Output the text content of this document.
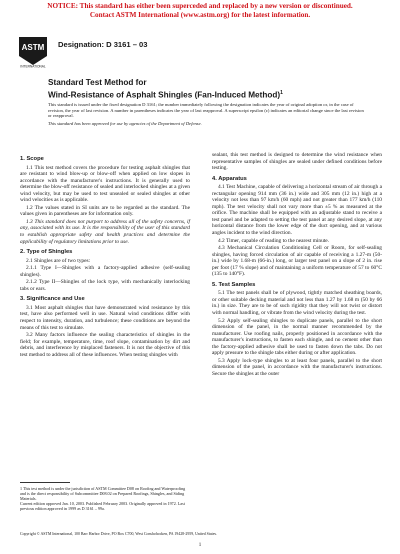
NOTICE: This standard has either been superceded and replaced by a new version or discontinued.
Contact ASTM International (www.astm.org) for the latest information.
ASTM
INTERNATIONAL
Designation: D 3161 – 03
Standard Test Method for
Wind-Resistance of Asphalt Shingles (Fan-Induced Method)$^1$

This standard is issued under the fixed designation D 3161; the number immediately following the designation indicates the year of original adoption or, in the case of revision, the year of last revision. A number in parentheses indicates the year of last reapproval. A superscript epsilon (ε) indicates an editorial change since the last revision or reapproval.

This standard has been approved for use by agencies of the Department of Defense.

1. Scope

1.1 This test method covers the procedure for testing asphalt shingles that are resistant to wind blow-up or blow-off when applied on low slopes in accordance with the manufacturer's instructions. It is generally used to determine the blow-off resistance of sealed and interlocked shingles at a given wind velocity, but may be used to test unsealed or sealed shingles at other wind velocities as is applicable.

1.2 The values stated in SI units are to be regarded as the standard. The values given in parentheses are for information only.

1.3 This standard does not purport to address all of the safety concerns, if any, associated with its use. It is the responsibility of the user of this standard to establish appropriate safety and health practices and determine the applicability of regulatory limitations prior to use.

2. Type of Shingles

2.1 Shingles are of two types:

2.1.1 Type I—Shingles with a factory-applied adhesive (self-sealing shingles).

2.1.2 Type II—Shingles of the lock type, with mechanically interlocking tabs or ears.

3. Significance and Use

3.1 Most asphalt shingles that have demonstrated wind resistance by this test, have also performed well in use. Natural wind conditions differ with respect to intensity, duration, and turbulence; these conditions are beyond the means of this test to simulate.

3.2 Many factors influence the sealing characteristics of shingles in the field; for example, temperature, time, roof slope, contamination by dirt and debris, and interference by misplaced fasteners. It is not the objective of this test method to address all of these influences. When testing shingles with

1 This test method is under the jurisdiction of ASTM Committee D08 on Roofing and Waterproofing and is the direct responsibility of Subcommittee D08.02 on Prepared Roofings, Shingles, and Siding Materials.
Current edition approved Jan. 10, 2003. Published February 2003. Originally approved in 1972. Last previous edition approved in 1999 as D 3161 – 99a.

sealant, this test method is designed to determine the wind resistance when representative samples of shingles are sealed under defined conditions before testing.

4. Apparatus

4.1 Test Machine, capable of delivering a horizontal stream of air through a rectangular opening 914 mm (36 in.) wide and 305 mm (12 in.) high at a velocity not less than 97 km/h (60 mph) and not greater than 177 km/h (110 mph). The test velocity shall not vary more than ±5 % as measured at the orifice. The machine shall be equipped with an adjustable stand to receive a test panel and be adapted to setting the test panel at any desired slope, at any horizontal distance from the lower edge of the duct opening, and at various angles incident to the wind direction.

4.2 Timer, capable of reading to the nearest minute.

4.3 Mechanical Circulation Conditioning Cell or Room, for self-sealing shingles, having forced circulation of air capable of receiving a 1.27-m (50-in.) wide by 1.68-m (66-in.) long, or larger test panel on a slope of 2 in. rise per foot (17 % slope) and of maintaining a uniform temperature of 57 to 60°C (135 to 140°F).

5. Test Samples

5.1 The test panels shall be of plywood, tightly matched sheathing boards, or other suitable decking material and not less than 1.27 by 1.68 m (50 by 66 in.) in size. They are to be of such rigidity that they will not twist or distort with normal handling, or vibrate from the wind velocity during the test.

5.2 Apply self-sealing shingles to duplicate panels, parallel to the short dimension of the panel, in the normal manner recommended by the manufacturer. Use roofing nails, properly positioned in accordance with the manufacturer's instructions, to fasten each shingle, and no cement other than the factory-applied adhesive shall be used to fasten down the tabs. Do not apply pressure to the shingle tabs either during or after application.

5.3 Apply lock-type shingles to at least four panels, parallel to the short dimension of the panel, in accordance with the manufacturer's instructions. Secure the shingles at the outer

Copyright © ASTM International, 100 Barr Harbor Drive, PO Box C700, West Conshohocken, PA 19428-2959, United States.
1
